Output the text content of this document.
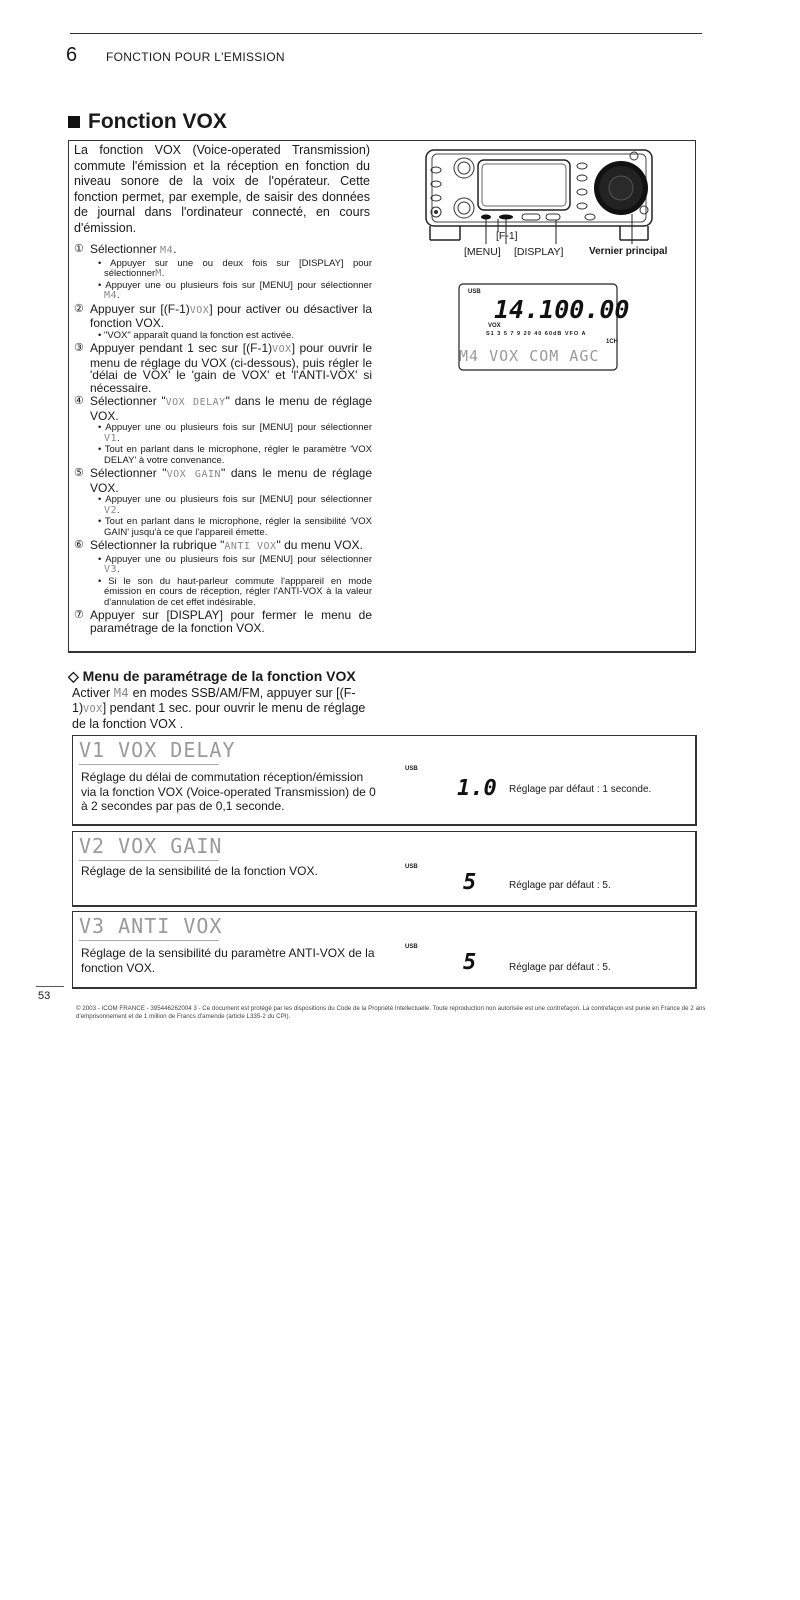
6 FONCTION POUR L'EMISSION
Fonction VOX
La fonction VOX (Voice-operated Transmission) commute l'émission et la réception en fonction du niveau sonore de la voix de l'opérateur. Cette fonction permet, par exemple, de saisir des données de journal dans l'ordinateur connecté, en cours d'émission.
① Sélectionner M4.
• Appuyer sur une ou deux fois sur [DISPLAY] pour sélectionnerM.
• Appuyer une ou plusieurs fois sur [MENU] pour sélectionner M4.
② Appuyer sur [(F-1)VOX] pour activer ou désactiver la fonction VOX.
• "VOX" apparaît quand la fonction est activée.
③ Appuyer pendant 1 sec sur [(F-1)VOX] pour ouvrir le menu de réglage du VOX (ci-dessous), puis régler le 'délai de VOX' le 'gain de VOX' et 'l'ANTI-VOX' si nécessaire.
④ Sélectionner "VOX DELAY" dans le menu de réglage VOX.
• Appuyer une ou plusieurs fois sur [MENU] pour sélectionner V1.
• Tout en parlant dans le microphone, régler le paramètre 'VOX DELAY' à votre convenance.
⑤ Sélectionner "VOX GAIN" dans le menu de réglage VOX.
• Appuyer une ou plusieurs fois sur [MENU] pour sélectionner V2.
• Tout en parlant dans le microphone, régler la sensibilité 'VOX GAIN' jusqu'à ce que l'appareil émette.
⑥ Sélectionner la rubrique "ANTI VOX" du menu VOX.
• Appuyer une ou plusieurs fois sur [MENU] pour sélectionner V3.
• Si le son du haut-parleur commute l'apppareil en mode émission en cours de réception, régler l'ANTI-VOX à la valeur d'annulation de cet effet indésirable.
⑦ Appuyer sur [DISPLAY] pour fermer le menu de paramétrage de la fonction VOX.
[F-1]
[MENU] [DISPLAY]	Vernier principal
USB
14.100.00
VOX
S1 3 5 7 9 20 40 60dB VFO A
1CH
M4 VOX COM AGC
◇ Menu de paramétrage de la fonction VOX
Activer M4 en modes SSB/AM/FM, appuyer sur [(F-1)VOX] pendant 1 sec. pour ouvrir le menu de réglage de la fonction VOX .
V1 VOX DELAY
Réglage du délai de commutation réception/émission via la fonction VOX (Voice-operated Transmission) de 0 à 2 secondes par pas de 0,1 seconde.
USB
1.0 Réglage par défaut : 1 seconde.
V2 VOX GAIN
Réglage de la sensibilité de la fonction VOX.	USB
5	Réglage par défaut : 5.
V3 ANTI VOX
Réglage de la sensibilité du paramètre ANTI-VOX de la fonction VOX.
USB
5	Réglage par défaut : 5.
53
© 2003 - ICOM FRANCE - 395446262004 3 - Ce document est protégé par les dispositions du Code de la Propriété Intellectuelle. Toute reproduction non autorisée est une contrefaçon. La contrefaçon est punie en France de 2 ans d'emprisonnement et de 1 million de Francs d'amende (article L335-2 du CPI).
